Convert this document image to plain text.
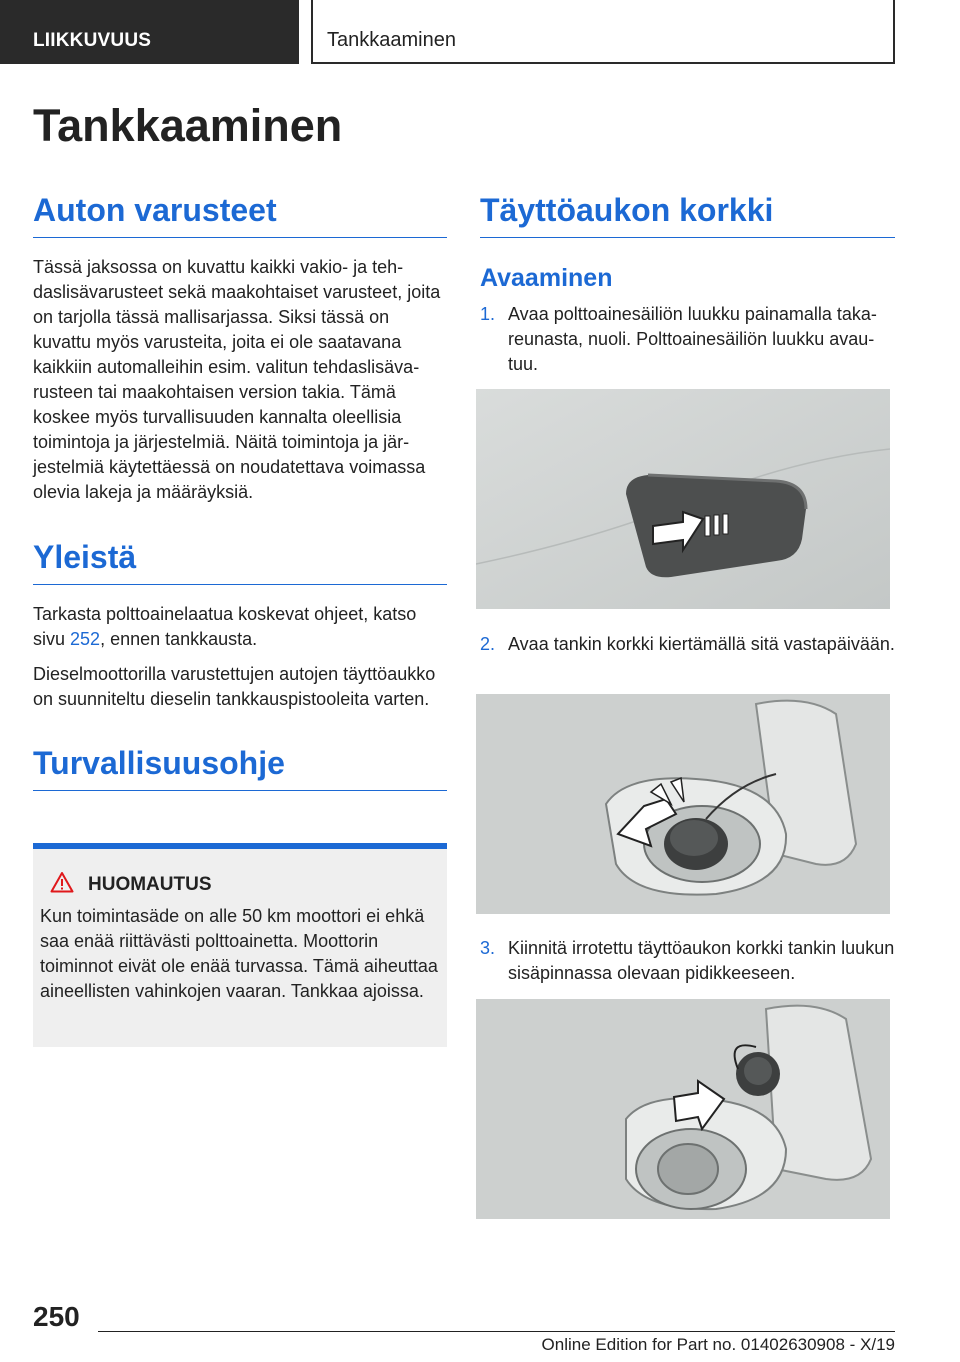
LIIKKUVUUS	Tankkaaminen
Tankkaaminen
Auton varusteet

Tässä jaksossa on kuvattu kaikki vakio- ja tehdaslisävarusteet sekä maakohtaiset varusteet, joita on tarjolla tässä mallisarjassa. Siksi tässä on kuvattu myös varusteita, joita ei ole saatavana kaikkiin automalleihin esim. valitun tehdaslisävarusteen tai maakohtaisen version takia. Tämä koskee myös turvallisuuden kannalta oleellisia toimintoja ja järjestelmiä. Näitä toimintoja ja järjestelmiä käytettäessä on noudatettava voimassa olevia lakeja ja määräyksiä.

Yleistä

Tarkasta polttoainelaatua koskevat ohjeet, katso sivu 252, ennen tankkausta.

Dieselmoottorilla varustettujen autojen täyttöaukko on suunniteltu dieselin tankkauspistooleita varten.

Turvallisuusohje
HUOMAUTUS

Kun toimintasäde on alle 50 km moottori ei ehkä saa enää riittävästi polttoainetta. Moottorin toiminnot eivät ole enää turvassa. Tämä aiheuttaa aineellisten vahinkojen vaaran. Tankkaa ajoissa.

Täyttöaukon korkki
Avaaminen
1. Avaa polttoainesäiliön luukku painamalla takareunasta, nuoli. Polttoainesäiliön luukku avautuu.
2. Avaa tankin korkki kiertämällä sitä vastapäivään.
3. Kiinnitä irrotettu täyttöaukon korkki tankin luukun sisäpinnassa olevaan pidikkeeseen.
250
Online Edition for Part no. 01402630908 - X/19
